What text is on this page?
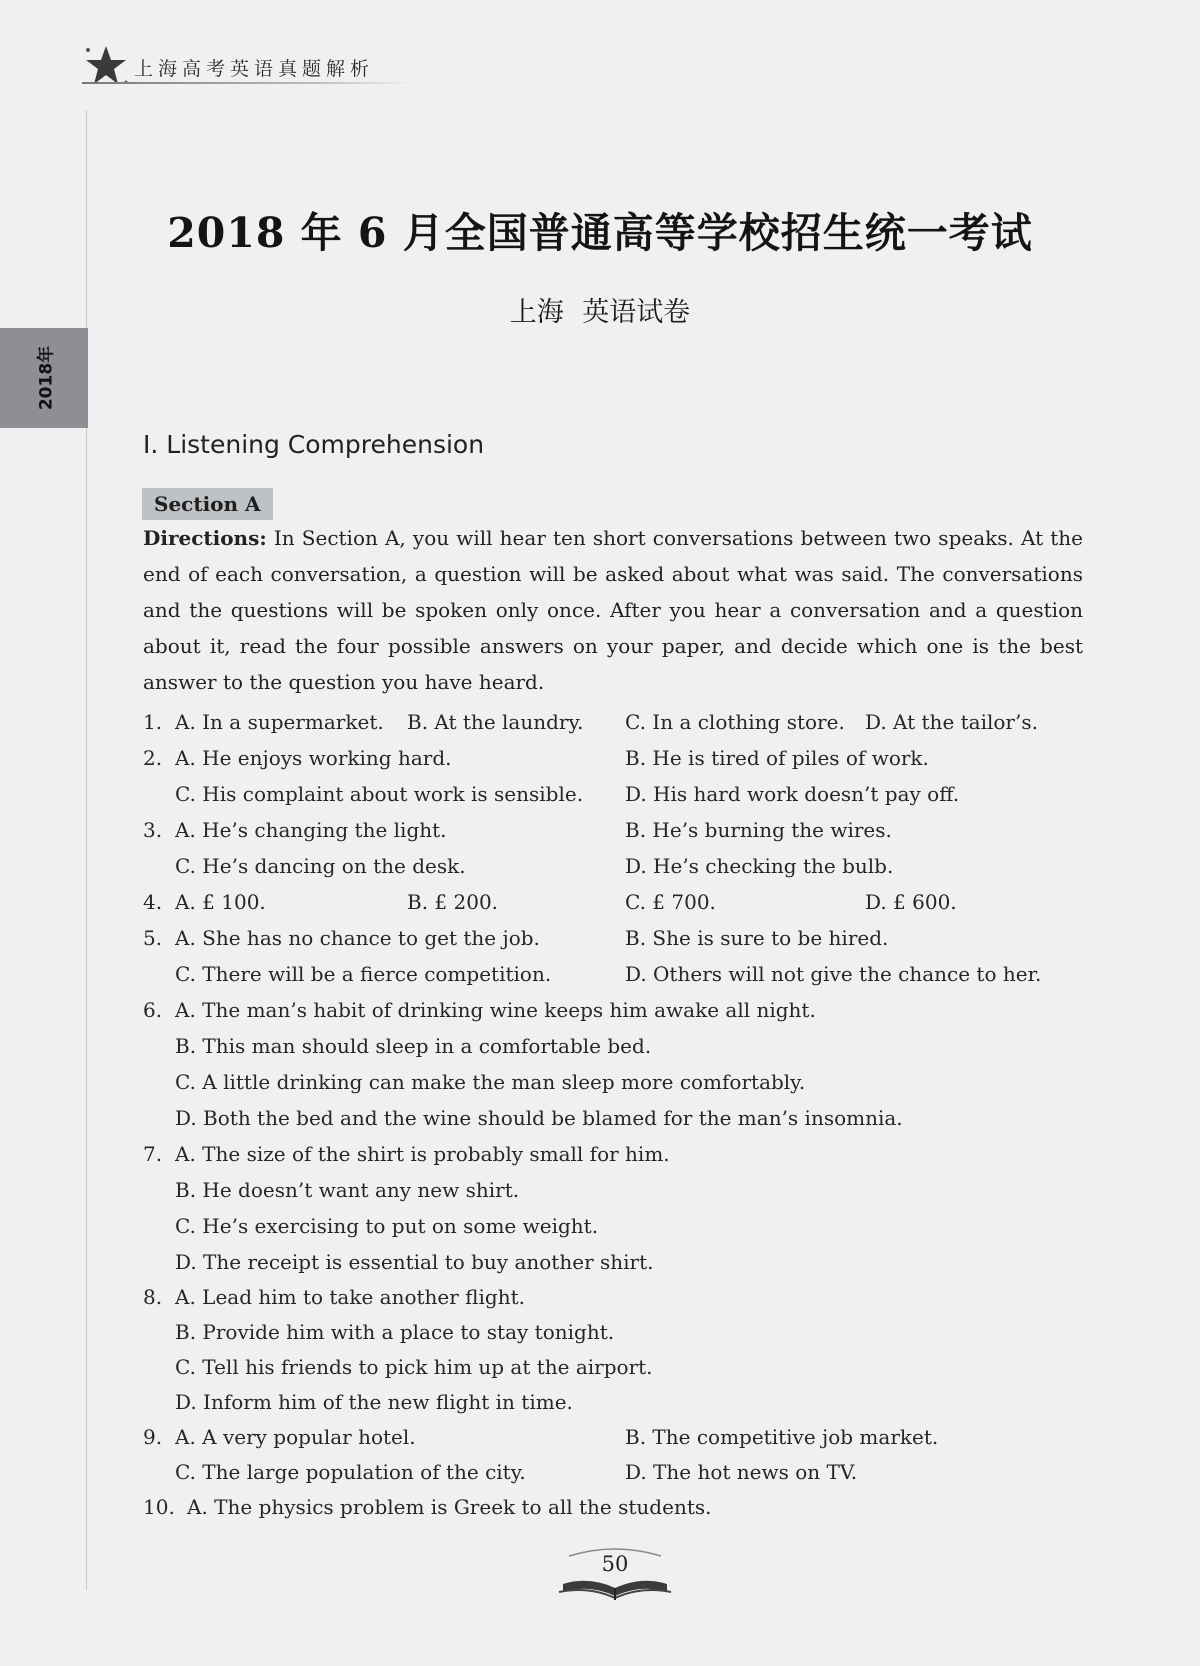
上海高考英语真题解析
2018年
2018 年 6 月全国普通高等学校招生统一考试
上海 英语试卷
I. Listening Comprehension
Section A
Directions: In Section A, you will hear ten short conversations between two speaks. At the end of each conversation, a question will be asked about what was said. The conversations and the questions will be spoken only once. After you hear a conversation and a question about it, read the four possible answers on your paper, and decide which one is the best answer to the question you have heard.
1. A. In a supermarket. B. At the laundry. C. In a clothing store. D. At the tailor’s.
2. A. He enjoys working hard.	B. He is tired of piles of work.
C. His complaint about work is sensible. D. His hard work doesn’t pay off.
3. A. He’s changing the light.	B. He’s burning the wires.
C. He’s dancing on the desk.	D. He’s checking the bulb.
4. A. £ 100.	B. £ 200.	C. £ 700.	D. £ 600.
5. A. She has no chance to get the job.	B. She is sure to be hired.
C. There will be a fierce competition.	D. Others will not give the chance to her.
6. A. The man’s habit of drinking wine keeps him awake all night.
B. This man should sleep in a comfortable bed.
C. A little drinking can make the man sleep more comfortably.
D. Both the bed and the wine should be blamed for the man’s insomnia.
7. A. The size of the shirt is probably small for him.
B. He doesn’t want any new shirt.
C. He’s exercising to put on some weight.
D. The receipt is essential to buy another shirt.
8. A. Lead him to take another flight.
B. Provide him with a place to stay tonight.
C. Tell his friends to pick him up at the airport.
D. Inform him of the new flight in time.
9. A. A very popular hotel.	B. The competitive job market.
C. The large population of the city.	D. The hot news on TV.
10. A. The physics problem is Greek to all the students.
50
